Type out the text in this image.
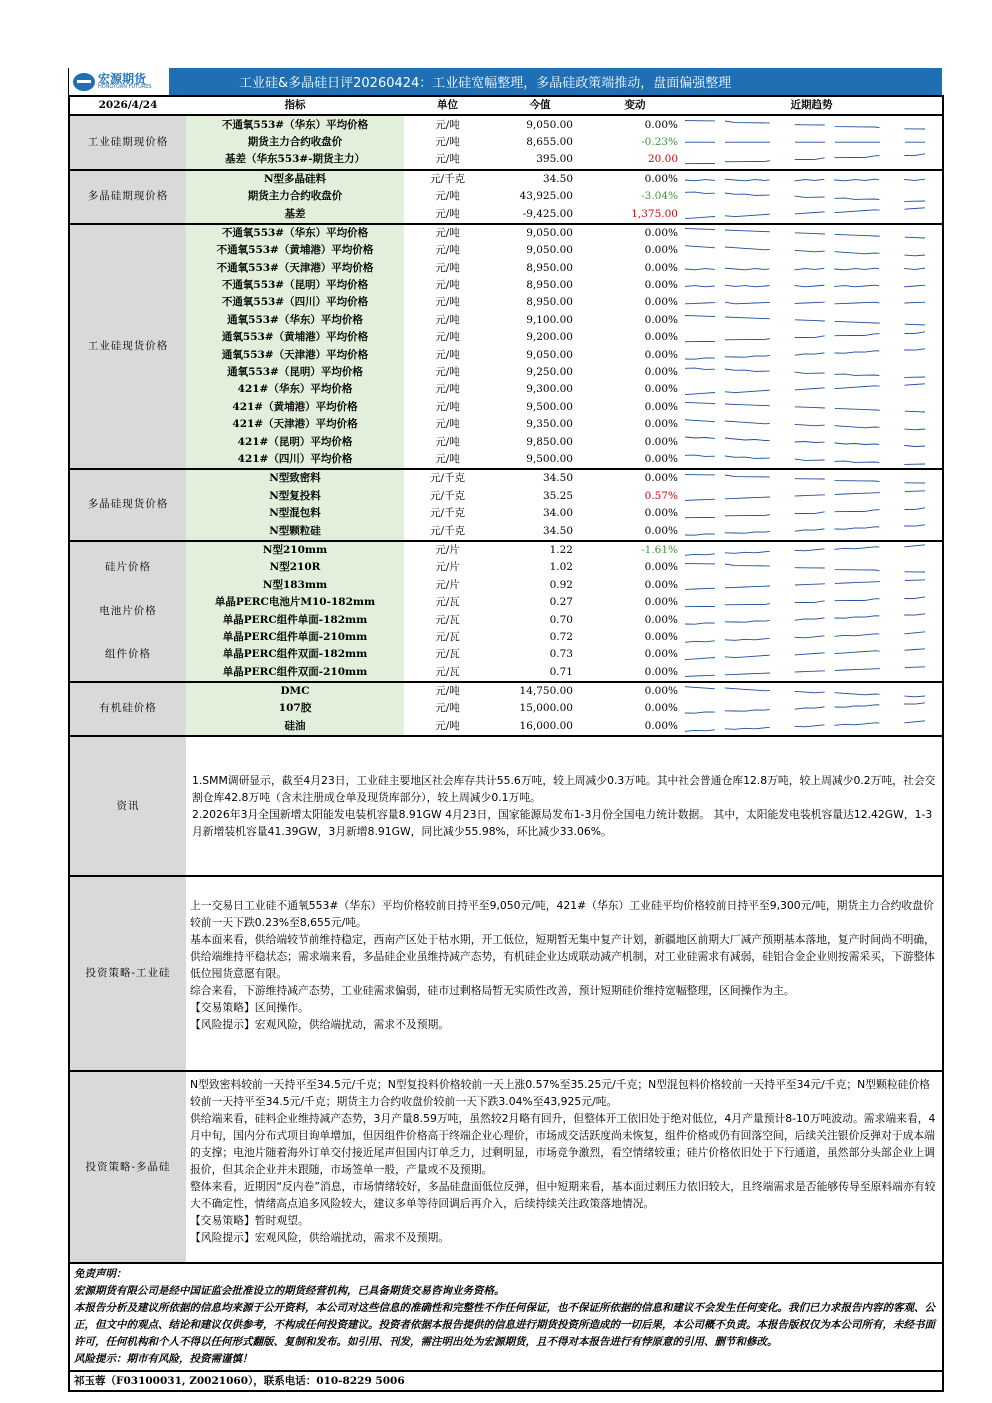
宏源期货
HONGYUAN FUTURES	工业硅&多晶硅日评20260424：工业硅宽幅整理，多晶硅政策端推动，盘面偏强整理
2026/4/24	指标	单位	今值	变动	近期趋势
工业硅期现价格	不通氧553#（华东）平均价格	元/吨	9,050.00	0.00%	

	期货主力合约收盘价	元/吨	8,655.00	-0.23%	

	基差（华东553#-期货主力）	元/吨	395.00	20.00	

多晶硅期现价格	N型多晶硅料	元/千克	34.50	0.00%	

	期货主力合约收盘价	元/吨	43,925.00	-3.04%	

	基差	元/吨	-9,425.00	1,375.00	

工业硅现货价格	不通氧553#（华东）平均价格	元/吨	9,050.00	0.00%	

	不通氧553#（黄埔港）平均价格	元/吨	9,050.00	0.00%	

	不通氧553#（天津港）平均价格	元/吨	8,950.00	0.00%	

	不通氧553#（昆明）平均价格	元/吨	8,950.00	0.00%	

	不通氧553#（四川）平均价格	元/吨	8,950.00	0.00%	

	通氧553#（华东）平均价格	元/吨	9,100.00	0.00%	

	通氧553#（黄埔港）平均价格	元/吨	9,200.00	0.00%	

	通氧553#（天津港）平均价格	元/吨	9,050.00	0.00%	

	通氧553#（昆明）平均价格	元/吨	9,250.00	0.00%	

	421#（华东）平均价格	元/吨	9,300.00	0.00%	

	421#（黄埔港）平均价格	元/吨	9,500.00	0.00%	

	421#（天津港）平均价格	元/吨	9,350.00	0.00%	

	421#（昆明）平均价格	元/吨	9,850.00	0.00%	

	421#（四川）平均价格	元/吨	9,500.00	0.00%	

多晶硅现货价格	N型致密料	元/千克	34.50	0.00%	

	N型复投料	元/千克	35.25	0.57%	

	N型混包料	元/千克	34.00	0.00%	

	N型颗粒硅	元/千克	34.50	0.00%	

硅片价格	N型210mm	元/片	1.22	-1.61%	

	N型210R	元/片	1.02	0.00%	

	N型183mm	元/片	0.92	0.00%	

电池片价格	单晶PERC电池片M10-182mm	元/瓦	0.27	0.00%	

	单晶PERC组件单面-182mm	元/瓦	0.70	0.00%	

组件价格	单晶PERC组件单面-210mm	元/瓦	0.72	0.00%	

	单晶PERC组件双面-182mm	元/瓦	0.73	0.00%	

	单晶PERC组件双面-210mm	元/瓦	0.71	0.00%	

有机硅价格	DMC	元/吨	14,750.00	0.00%	

	107胶	元/吨	15,000.00	0.00%	

	硅油	元/吨	16,000.00	0.00%	
资讯	1.SMM调研显示，截至4月23日，工业硅主要地区社会库存共计55.6万吨，较上周减少0.3万吨。其中社会普通仓库12.8万吨，较上周减少0.2万吨，社会交割仓库42.8万吨（含未注册成仓单及现货库部分），较上周减少0.1万吨。

2.2026年3月全国新增太阳能发电装机容量8.91GW 4月23日，国家能源局发布1-3月份全国电力统计数据。 其中，太阳能发电装机容量达12.42GW，1-3月新增装机容量41.39GW，3月新增8.91GW，同比减少55.98%，环比减少33.06%。

投资策略-工业硅	上一交易日工业硅不通氧553#（华东）平均价格较前日持平至9,050元/吨，421#（华东）工业硅平均价格较前日持平至9,300元/吨，期货主力合约收盘价较前一天下跌0.23%至8,655元/吨。

基本面来看，供给端较节前维持稳定，西南产区处于枯水期，开工低位，短期暂无集中复产计划，新疆地区前期大厂减产预期基本落地，复产时间尚不明确，供给端维持平稳状态；需求端来看，多晶硅企业虽维持减产态势，有机硅企业达成联动减产机制，对工业硅需求有减弱，硅铝合金企业则按需采买，下游整体低位囤货意愿有限。

综合来看，下游维持减产态势，工业硅需求偏弱，硅市过剩格局暂无实质性改善，预计短期硅价维持宽幅整理，区间操作为主。

【交易策略】区间操作。

【风险提示】宏观风险，供给端扰动，需求不及预期。

投资策略-多晶硅	N型致密料较前一天持平至34.5元/千克；N型复投料价格较前一天上涨0.57%至35.25元/千克；N型混包料价格较前一天持平至34元/千克；N型颗粒硅价格较前一天持平至34.5元/千克；期货主力合约收盘价较前一天下跌3.04%至43,925元/吨。

供给端来看，硅料企业维持减产态势，3月产量8.59万吨，虽然较2月略有回升，但整体开工依旧处于绝对低位，4月产量预计8-10万吨波动。需求端来看，4月中旬，国内分布式项目询单增加，但因组件价格高于终端企业心理价，市场成交活跃度尚未恢复，组件价格或仍有回落空间，后续关注银价反弹对于成本端的支撑；电池片随着海外订单交付接近尾声但国内订单乏力，过剩明显，市场竞争激烈，看空情绪较重；硅片价格依旧处于下行通道，虽然部分头部企业上调报价，但其余企业并未跟随，市场签单一般，产量或不及预期。

整体来看，近期因“反内卷”消息，市场情绪较好，多晶硅盘面低位反弹，但中短期来看，基本面过剩压力依旧较大，且终端需求是否能够传导至原料端亦有较大不确定性，情绪高点追多风险较大，建议多单等待回调后再介入，后续持续关注政策落地情况。

【交易策略】暂时观望。

【风险提示】宏观风险，供给端扰动，需求不及预期。

免责声明：
宏源期货有限公司是经中国证监会批准设立的期货经营机构，已具备期货交易咨询业务资格。
本报告分析及建议所依据的信息均来源于公开资料，本公司对这些信息的准确性和完整性不作任何保证，也不保证所依据的信息和建议不会发生任何变化。我们已力求报告内容的客观、公正，但文中的观点、结论和建议仅供参考，不构成任何投资建议。投资者依据本报告提供的信息进行期货投资所造成的一切后果，本公司概不负责。本报告版权仅为本公司所有，未经书面许可，任何机构和个人不得以任何形式翻版、复制和发布。如引用、刊发，需注明出处为宏源期货，且不得对本报告进行有悖原意的引用、删节和修改。
风险提示：期市有风险，投资需谨慎！	

祁玉蓉（F03100031, Z0021060），联系电话：010-8229 5006	
